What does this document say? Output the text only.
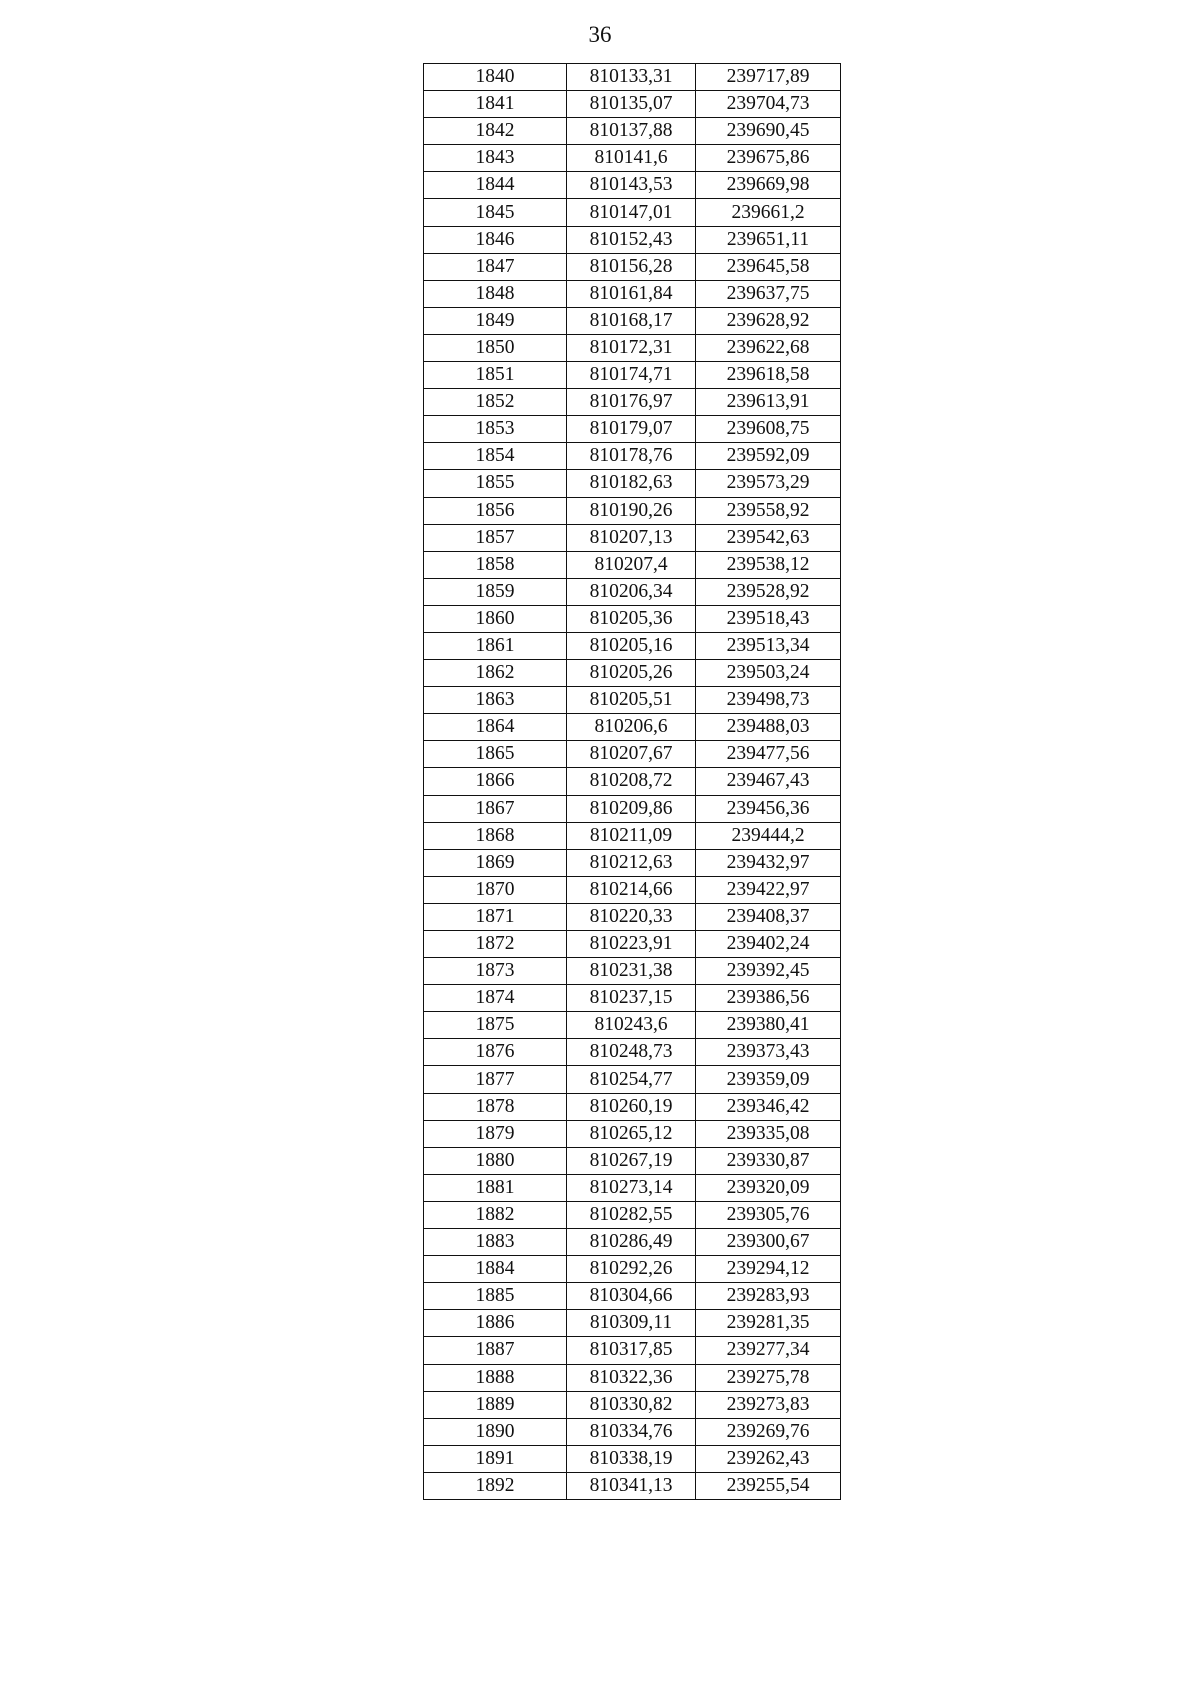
36
1840	810133,31	239717,89
1841	810135,07	239704,73
1842	810137,88	239690,45
1843	810141,6	239675,86
1844	810143,53	239669,98
1845	810147,01	239661,2
1846	810152,43	239651,11
1847	810156,28	239645,58
1848	810161,84	239637,75
1849	810168,17	239628,92
1850	810172,31	239622,68
1851	810174,71	239618,58
1852	810176,97	239613,91
1853	810179,07	239608,75
1854	810178,76	239592,09
1855	810182,63	239573,29
1856	810190,26	239558,92
1857	810207,13	239542,63
1858	810207,4	239538,12
1859	810206,34	239528,92
1860	810205,36	239518,43
1861	810205,16	239513,34
1862	810205,26	239503,24
1863	810205,51	239498,73
1864	810206,6	239488,03
1865	810207,67	239477,56
1866	810208,72	239467,43
1867	810209,86	239456,36
1868	810211,09	239444,2
1869	810212,63	239432,97
1870	810214,66	239422,97
1871	810220,33	239408,37
1872	810223,91	239402,24
1873	810231,38	239392,45
1874	810237,15	239386,56
1875	810243,6	239380,41
1876	810248,73	239373,43
1877	810254,77	239359,09
1878	810260,19	239346,42
1879	810265,12	239335,08
1880	810267,19	239330,87
1881	810273,14	239320,09
1882	810282,55	239305,76
1883	810286,49	239300,67
1884	810292,26	239294,12
1885	810304,66	239283,93
1886	810309,11	239281,35
1887	810317,85	239277,34
1888	810322,36	239275,78
1889	810330,82	239273,83
1890	810334,76	239269,76
1891	810338,19	239262,43
1892	810341,13	239255,54
